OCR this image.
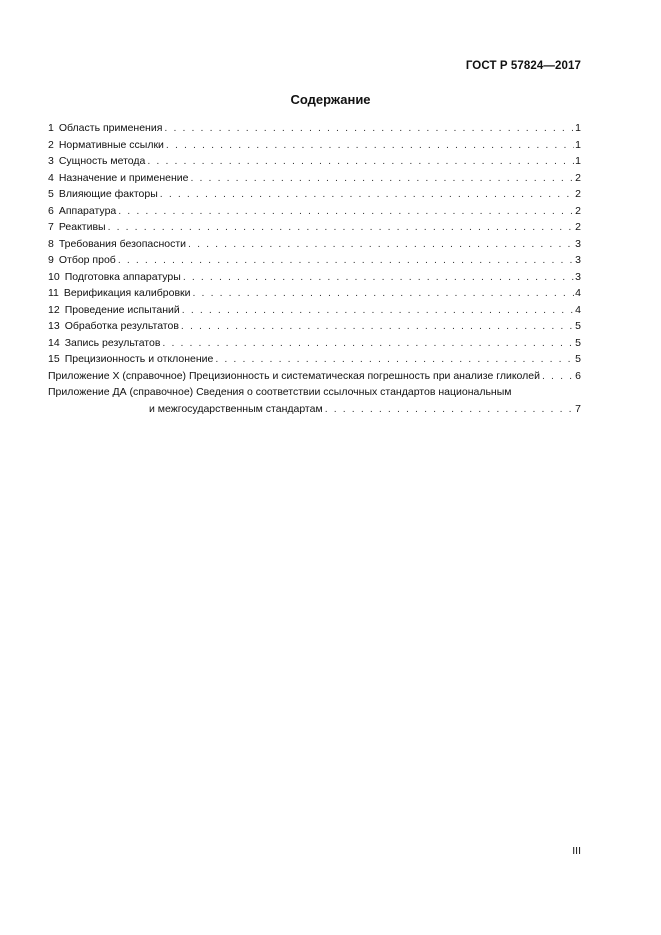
ГОСТ Р 57824—2017
Содержание
1 Область применения . . .	1
2 Нормативные ссылки . . .	1
3 Сущность метода . . .	1
4 Назначение и применение . . .	2
5 Влияющие факторы . . .	2
6 Аппаратура . . .	2
7 Реактивы . . .	2
8 Требования безопасности . . .	3
9 Отбор проб . . .	3
10 Подготовка аппаратуры . . .	3
11 Верификация калибровки . . .	4
12 Проведение испытаний . . .	4
13 Обработка результатов . . .	5
14 Запись результатов . . .	5
15 Прецизионность и отклонение . . .	5
Приложение X (справочное) Прецизионность и систематическая погрешность при анализе гликолей . . .	6
Приложение ДА (справочное) Сведения о соответствии ссылочных стандартов национальным
и межгосударственным стандартам . . .	7
III
